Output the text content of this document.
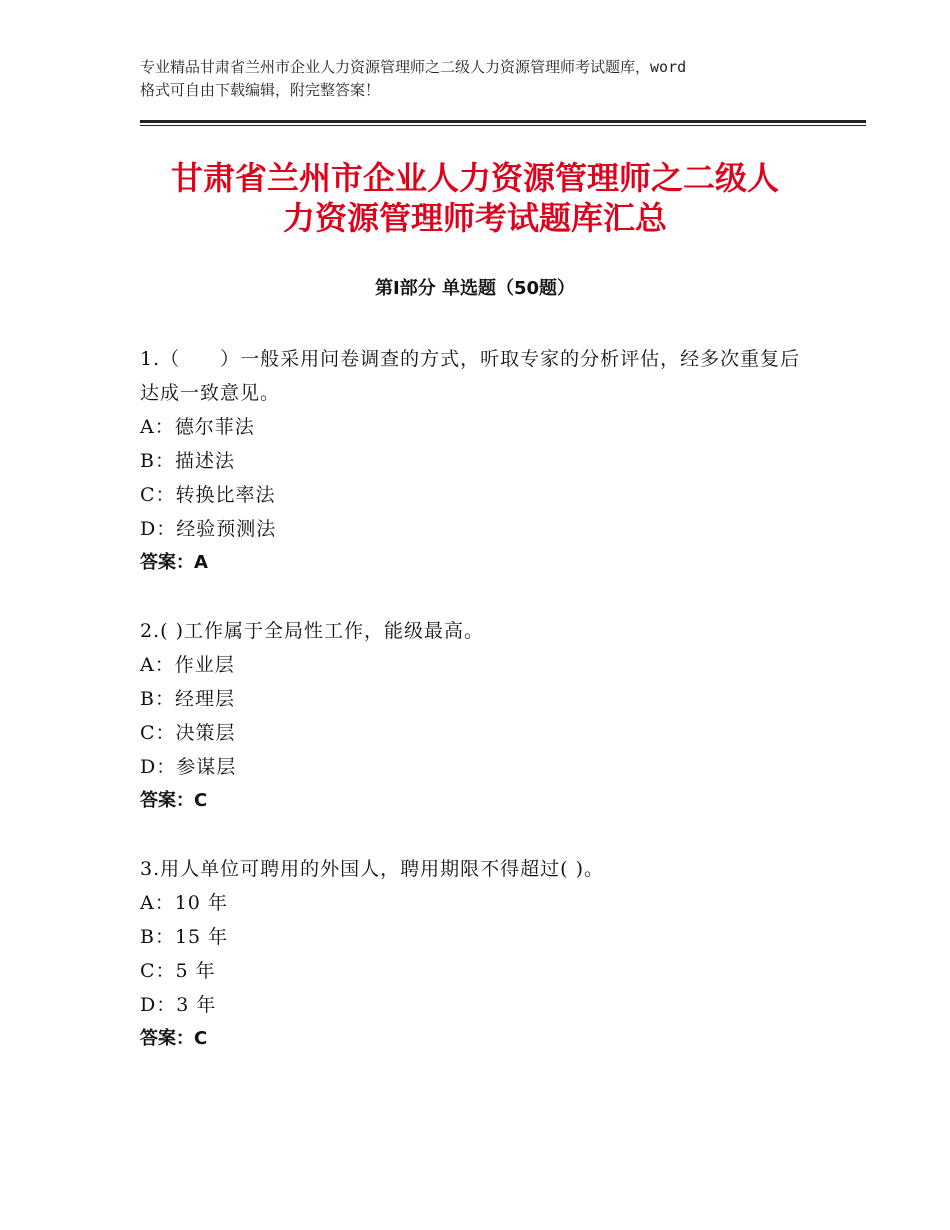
专业精品甘肃省兰州市企业人力资源管理师之二级人力资源管理师考试题库，word
格式可自由下载编辑，附完整答案！
甘肃省兰州市企业人力资源管理师之二级人
力资源管理师考试题库汇总
第Ⅰ部分 单选题（50题）
1.（　　）一般采用问卷调查的方式，听取专家的分析评估，经多次重复后达成一致意见。
A：德尔菲法
B：描述法
C：转换比率法
D：经验预测法
答案：A
2.( )工作属于全局性工作，能级最高。
A：作业层
B：经理层
C：决策层
D：参谋层
答案：C
3.用人单位可聘用的外国人，聘用期限不得超过( )。
A：10 年
B：15 年
C：5 年
D：3 年
答案：C
